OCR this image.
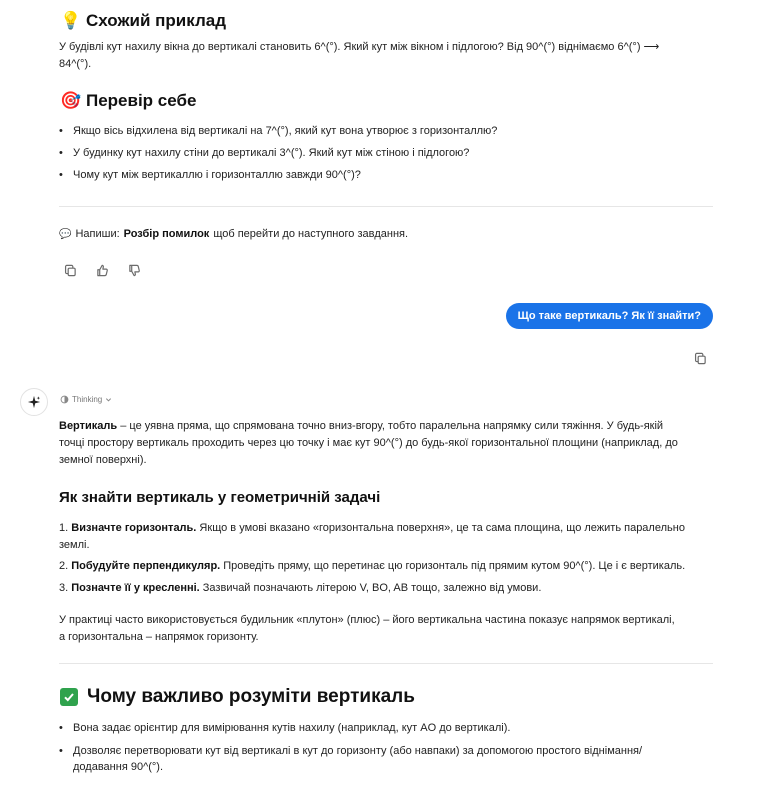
💡 Схожий приклад
У будівлі кут нахилу вікна до вертикалі становить 6^(°). Який кут між вікном і підлогою? Від 90^(°) віднімаємо 6^(°) ⟶
84^(°).
🎯 Перевір себе
• Якщо вісь відхилена від вертикалі на 7^(°), який кут вона утворює з горизонталлю?
• У будинку кут нахилу стіни до вертикалі 3^(°). Який кут між стіною і підлогою?
• Чому кут між вертикаллю і горизонталлю завжди 90^(°)?
💬 Напиши: Розбір помилок щоб перейти до наступного завдання.
Що таке вертикаль? Як її знайти?
Thinking
Вертикаль – це уявна пряма, що спрямована точно вниз-вгору, тобто паралельна напрямку сили тяжіння. У будь-якій
точці простору вертикаль проходить через цю точку і має кут 90^(°) до будь-якої горизонтальної площини (наприклад, до
земної поверхні).
Як знайти вертикаль у геометричній задачі
1. Визначте горизонталь. Якщо в умові вказано «горизонтальна поверхня», це та сама площина, що лежить паралельно
землі.
2. Побудуйте перпендикуляр. Проведіть пряму, що перетинає цю горизонталь під прямим кутом 90^(°). Це і є вертикаль.
3. Позначте її у кресленні. Зазвичай позначають літерою V, BO, AB тощо, залежно від умови.
У практиці часто використовується будильник «плутон» (плюс) – його вертикальна частина показує напрямок вертикалі,
а горизонтальна – напрямок горизонту.
Чому важливо розуміти вертикаль
• Вона задає орієнтир для вимірювання кутів нахилу (наприклад, кут AO до вертикалі).
• Дозволяє перетворювати кут від вертикалі в кут до горизонту (або навпаки) за допомогою простого віднімання/
додавання 90^(°).
